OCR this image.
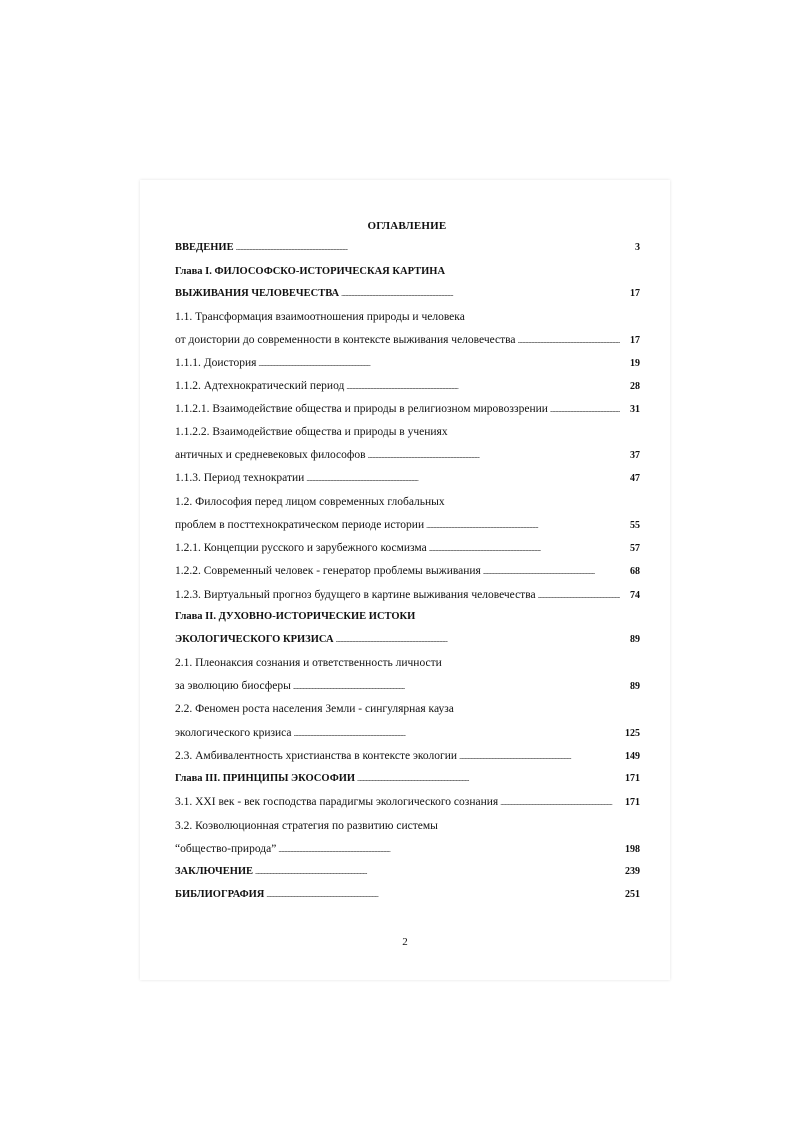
ОГЛАВЛЕНИЕ
ВВЕДЕНИЕ . . .	3
Глава I. ФИЛОСОФСКО-ИСТОРИЧЕСКАЯ КАРТИНА
ВЫЖИВАНИЯ ЧЕЛОВЕЧЕСТВА . . .	17
1.1. Трансформация взаимоотношения природы и человека
от доистории до современности в контексте выживания человечества . . .	17
1.1.1. Доистория . . .	19
1.1.2. Адтехнократический период . . .	28
1.1.2.1. Взаимодействие общества и природы в религиозном мировоззрении . . .	31
1.1.2.2. Взаимодействие общества и природы в учениях
античных и средневековых философов . . .	37
1.1.3. Период технократии . . .	47
1.2. Философия перед лицом современных глобальных
проблем в посттехнократическом периоде истории . . .	55
1.2.1. Концепции русского и зарубежного космизма . . .	57
1.2.2. Современный человек - генератор проблемы выживания . . .	68
1.2.3. Виртуальный прогноз будущего в картине выживания человечества . . .	74
Глава II. ДУХОВНО-ИСТОРИЧЕСКИЕ ИСТОКИ
ЭКОЛОГИЧЕСКОГО КРИЗИСА . . .	89
2.1. Плеонаксия сознания и ответственность личности
за эволюцию биосферы . . .	89
2.2. Феномен роста населения Земли - сингулярная кауза
экологического кризиса . . .	125
2.3. Амбивалентность христианства в контексте экологии . . .	149
Глава III. ПРИНЦИПЫ ЭКОСОФИИ . . .	171
3.1. XXI век - век господства парадигмы экологического сознания . . .	171
3.2. Коэволюционная стратегия по развитию системы
“общество-природа” . . .	198
ЗАКЛЮЧЕНИЕ . . .	239
БИБЛИОГРАФИЯ . . .	251
2
